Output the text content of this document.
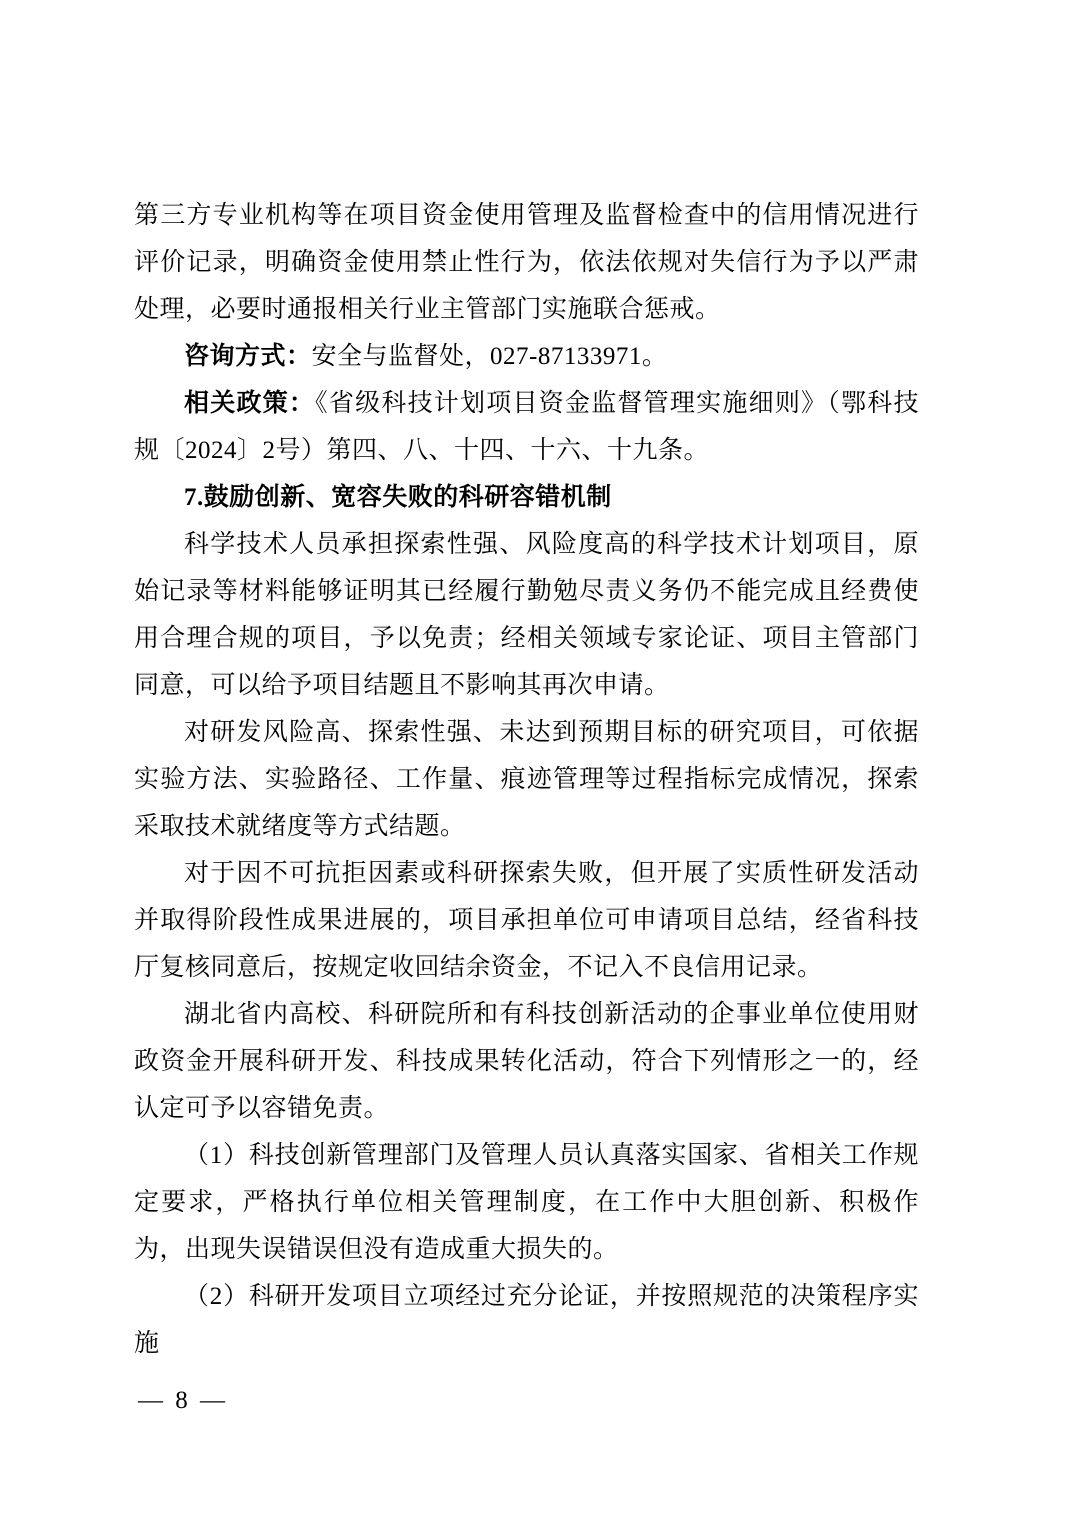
第三方专业机构等在项目资金使用管理及监督检查中的信用情况进行评价记录，明确资金使用禁止性行为，依法依规对失信行为予以严肃处理，必要时通报相关行业主管部门实施联合惩戒。

咨询方式：安全与监督处，027-87133971。

相关政策：《省级科技计划项目资金监督管理实施细则》（鄂科技规〔2024〕2号）第四、八、十四、十六、十九条。

7.鼓励创新、宽容失败的科研容错机制

科学技术人员承担探索性强、风险度高的科学技术计划项目，原始记录等材料能够证明其已经履行勤勉尽责义务仍不能完成且经费使用合理合规的项目，予以免责；经相关领域专家论证、项目主管部门同意，可以给予项目结题且不影响其再次申请。

对研发风险高、探索性强、未达到预期目标的研究项目，可依据实验方法、实验路径、工作量、痕迹管理等过程指标完成情况，探索采取技术就绪度等方式结题。

对于因不可抗拒因素或科研探索失败，但开展了实质性研发活动并取得阶段性成果进展的，项目承担单位可申请项目总结，经省科技厅复核同意后，按规定收回结余资金，不记入不良信用记录。

湖北省内高校、科研院所和有科技创新活动的企事业单位使用财政资金开展科研开发、科技成果转化活动，符合下列情形之一的，经认定可予以容错免责。

（1）科技创新管理部门及管理人员认真落实国家、省相关工作规定要求，严格执行单位相关管理制度，在工作中大胆创新、积极作为，出现失误错误但没有造成重大损失的。

（2）科研开发项目立项经过充分论证，并按照规范的决策程序实施

— 8 —
